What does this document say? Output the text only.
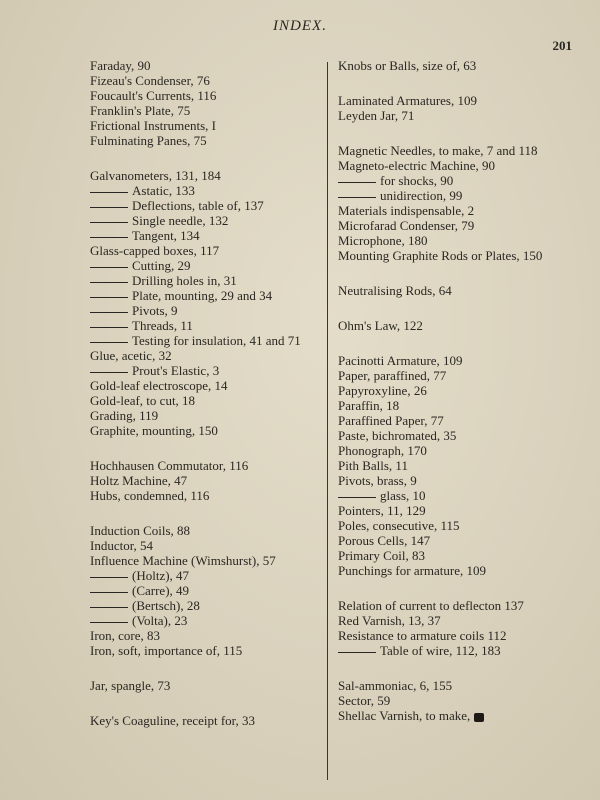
INDEX.
201
Faraday, 90
Fizeau's Condenser, 76
Foucault's Currents, 116
Franklin's Plate, 75
Frictional Instruments, I
Fulminating Panes, 75
Galvanometers, 131, 184
Astatic, 133
Deflections, table of, 137
Single needle, 132
Tangent, 134
Glass-capped boxes, 117
Cutting, 29
Drilling holes in, 31
Plate, mounting, 29 and 34
Pivots, 9
Threads, 11
Testing for insulation, 41 and 71
Glue, acetic, 32
Prout's Elastic, 3
Gold-leaf electroscope, 14
Gold-leaf, to cut, 18
Grading, 119
Graphite, mounting, 150
Hochhausen Commutator, 116
Holtz Machine, 47
Hubs, condemned, 116
Induction Coils, 88
Inductor, 54
Influence Machine (Wimshurst), 57
(Holtz), 47
(Carre), 49
(Bertsch), 28
(Volta), 23
Iron, core, 83
Iron, soft, importance of, 115
Jar, spangle, 73
Key's Coaguline, receipt for, 33
Knobs or Balls, size of, 63
Laminated Armatures, 109
Leyden Jar, 71
Magnetic Needles, to make, 7 and 118
Magneto-electric Machine, 90
for shocks, 90
unidirection, 99
Materials indispensable, 2
Microfarad Condenser, 79
Microphone, 180
Mounting Graphite Rods or Plates, 150
Neutralising Rods, 64
Ohm's Law, 122
Pacinotti Armature, 109
Paper, paraffined, 77
Papyroxyline, 26
Paraffin, 18
Paraffined Paper, 77
Paste, bichromated, 35
Phonograph, 170
Pith Balls, 11
Pivots, brass, 9
glass, 10
Pointers, 11, 129
Poles, consecutive, 115
Porous Cells, 147
Primary Coil, 83
Punchings for armature, 109
Relation of current to deflecton 137
Red Varnish, 13, 37
Resistance to armature coils 112
Table of wire, 112, 183
Sal-ammoniac, 6, 155
Sector, 59
Shellac Varnish, to make,
